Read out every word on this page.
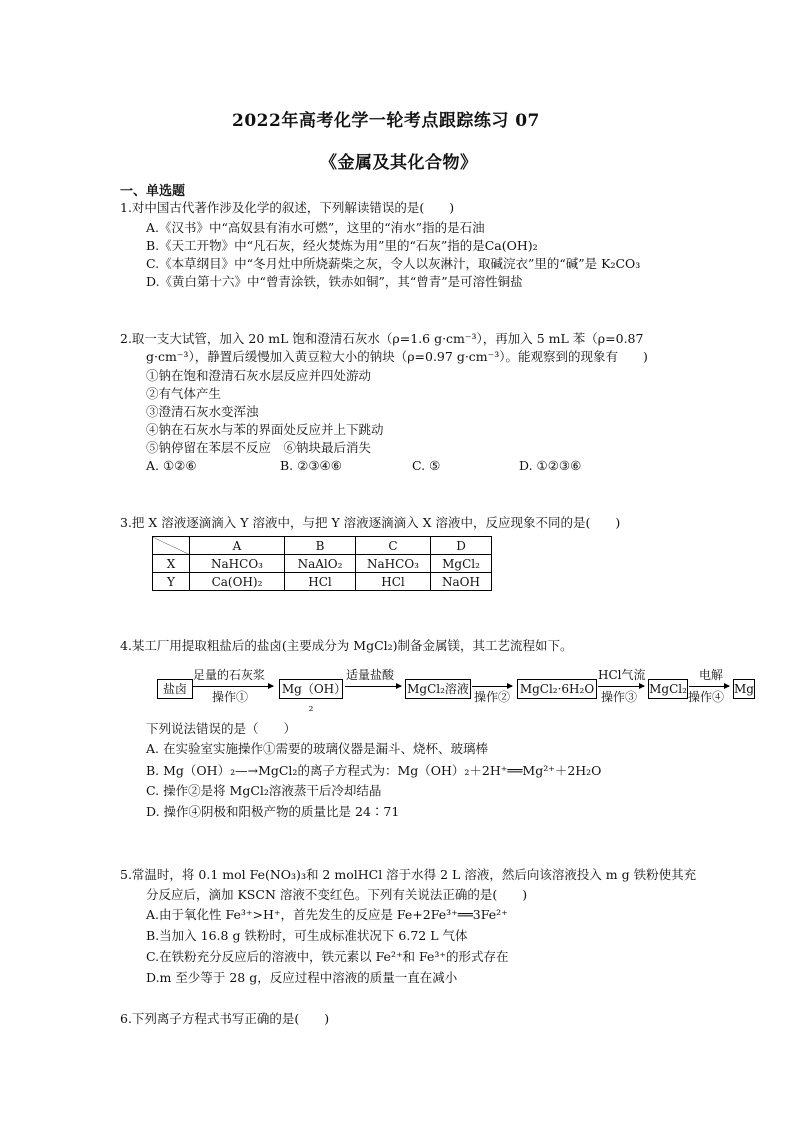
2022年高考化学一轮考点跟踪练习 07
《金属及其化合物》
一、单选题
1.对中国古代著作涉及化学的叙述，下列解读错误的是(　　)
A.《汉书》中“高奴县有洧水可燃”，这里的“洧水”指的是石油
B.《天工开物》中“凡石灰，经火焚炼为用”里的“石灰”指的是Ca(OH)₂
C.《本草纲目》中“冬月灶中所烧薪柴之灰，令人以灰淋汁，取碱浣衣”里的“碱”是 K₂CO₃
D.《黄白第十六》中“曾青涂铁，铁赤如铜”，其“曾青”是可溶性铜盐
2.取一支大试管，加入 20 mL 饱和澄清石灰水（ρ=1.6 g·cm⁻³），再加入 5 mL 苯（ρ=0.87
g·cm⁻³），静置后缓慢加入黄豆粒大小的钠块（ρ=0.97 g·cm⁻³）。能观察到的现象有　　)
①钠在饱和澄清石灰水层反应并四处游动
②有气体产生
③澄清石灰水变浑浊
④钠在石灰水与苯的界面处反应并上下跳动
⑤钠停留在苯层不反应　⑥钠块最后消失
A. ①②⑥	B. ②③④⑥	C. ⑤	D. ①②③⑥
3.把 X 溶液逐滴滴入 Y 溶液中，与把 Y 溶液逐滴滴入 X 溶液中，反应现象不同的是(　　)
	A	B	C	D
X	NaHCO₃	NaAlO₂	NaHCO₃	MgCl₂
Y	Ca(OH)₂	HCl	HCl	NaOH
4.某工厂用提取粗盐后的盐卤(主要成分为 MgCl₂)制备金属镁，其工艺流程如下。
盐卤
足量的石灰浆
操作①
Mg（OH）₂
适量盐酸
MgCl₂溶液
操作②
MgCl₂·6H₂O
HCl气流
操作③
MgCl₂
电解
操作④
Mg
下列说法错误的是（　　）
A. 在实验室实施操作①需要的玻璃仪器是漏斗、烧杯、玻璃棒
B. Mg（OH）₂—→MgCl₂的离子方程式为：Mg（OH）₂＋2H⁺══Mg²⁺＋2H₂O
C. 操作②是将 MgCl₂溶液蒸干后冷却结晶
D. 操作④阴极和阳极产物的质量比是 24∶71
5.常温时，将 0.1 mol Fe(NO₃)₃和 2 molHCl 溶于水得 2 L 溶液，然后向该溶液投入 m g 铁粉使其充
分反应后，滴加 KSCN 溶液不变红色。下列有关说法正确的是(　　)
A.由于氧化性 Fe³⁺>H⁺，首先发生的反应是 Fe+2Fe³⁺══3Fe²⁺
B.当加入 16.8 g 铁粉时，可生成标准状况下 6.72 L 气体
C.在铁粉充分反应后的溶液中，铁元素以 Fe²⁺和 Fe³⁺的形式存在
D.m 至少等于 28 g，反应过程中溶液的质量一直在减小
6.下列离子方程式书写正确的是(　　)
